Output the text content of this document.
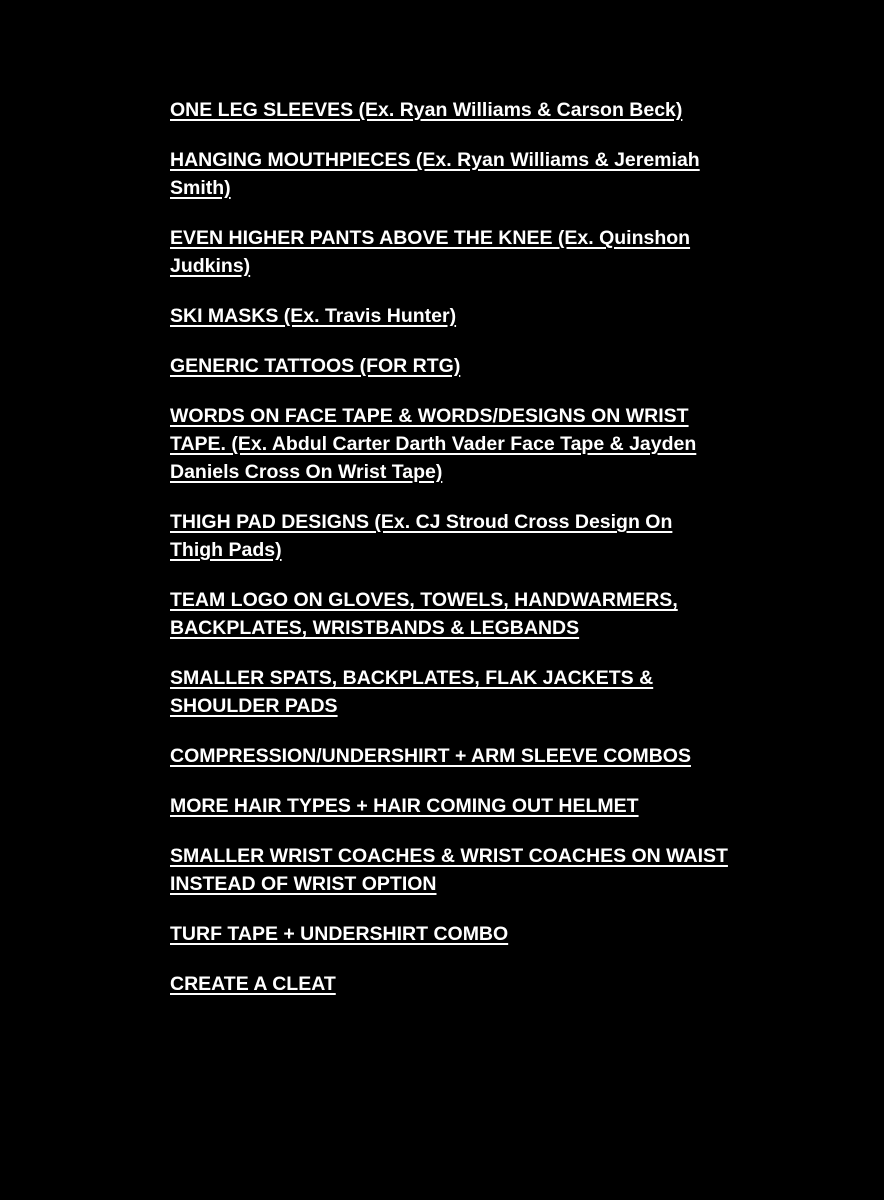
ONE LEG SLEEVES (Ex. Ryan Williams & Carson Beck)

HANGING MOUTHPIECES (Ex. Ryan Williams & Jeremiah Smith)

EVEN HIGHER PANTS ABOVE THE KNEE (Ex. Quinshon Judkins)

SKI MASKS (Ex. Travis Hunter)

GENERIC TATTOOS (FOR RTG)

WORDS ON FACE TAPE & WORDS/DESIGNS ON WRIST TAPE. (Ex. Abdul Carter Darth Vader Face Tape & Jayden Daniels Cross On Wrist Tape)

THIGH PAD DESIGNS (Ex. CJ Stroud Cross Design On Thigh Pads)

TEAM LOGO ON GLOVES, TOWELS, HANDWARMERS, BACKPLATES, WRISTBANDS & LEGBANDS

SMALLER SPATS, BACKPLATES, FLAK JACKETS & SHOULDER PADS

COMPRESSION/UNDERSHIRT + ARM SLEEVE COMBOS

MORE HAIR TYPES + HAIR COMING OUT HELMET

SMALLER WRIST COACHES & WRIST COACHES ON WAIST INSTEAD OF WRIST OPTION

TURF TAPE + UNDERSHIRT COMBO

CREATE A CLEAT
